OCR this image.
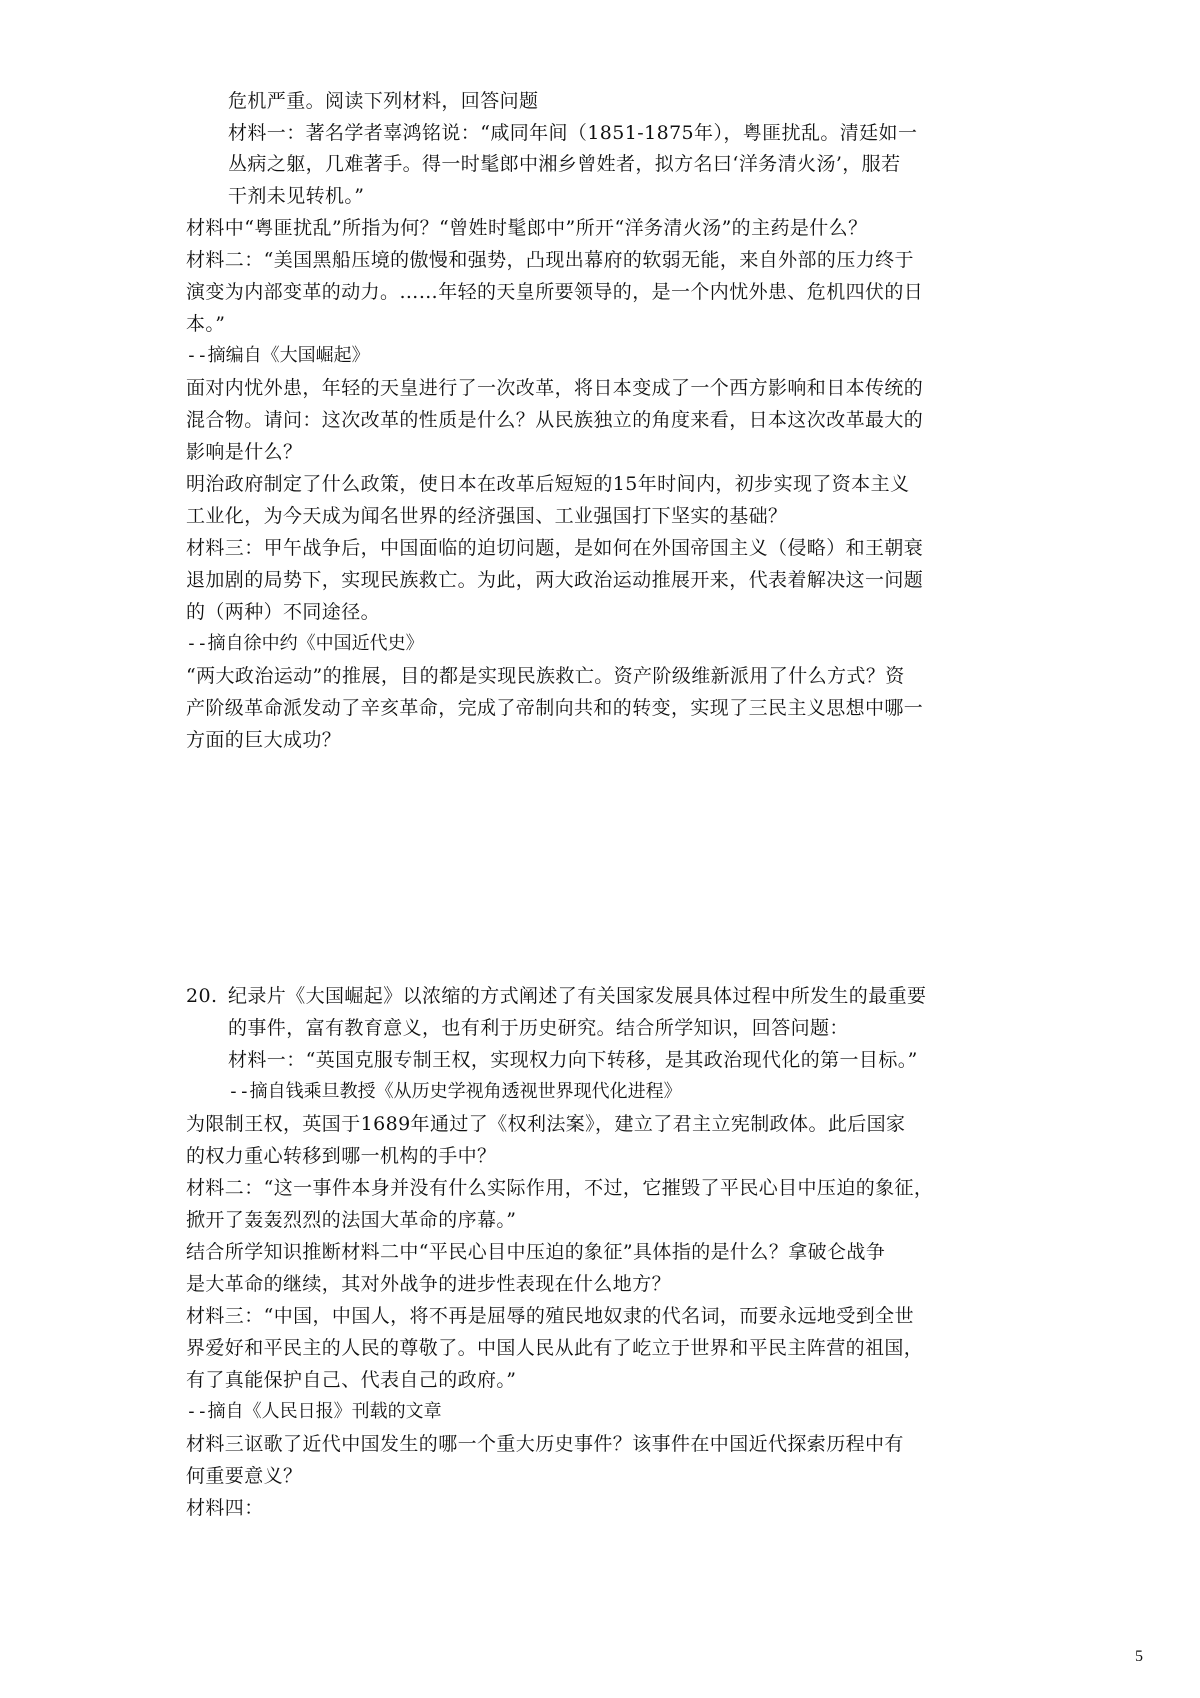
危机严重。阅读下列材料，回答问题
材料一：著名学者辜鸿铭说：“咸同年间（1851-1875年），粤匪扰乱。清廷如一
丛病之躯，几难著手。得一时髦郎中湘乡曾姓者，拟方名曰‘洋务清火汤’，服若
干剂未见转机。”
材料中“粤匪扰乱”所指为何？“曾姓时髦郎中”所开“洋务清火汤”的主药是什么？
材料二：“美国黑船压境的傲慢和强势，凸现出幕府的软弱无能，来自外部的压力终于
演变为内部变革的动力。……年轻的天皇所要领导的，是一个内忧外患、危机四伏的日
本。”
--摘编自《大国崛起》
面对内忧外患，年轻的天皇进行了一次改革，将日本变成了一个西方影响和日本传统的
混合物。请问：这次改革的性质是什么？从民族独立的角度来看，日本这次改革最大的
影响是什么？
明治政府制定了什么政策，使日本在改革后短短的15年时间内，初步实现了资本主义
工业化，为今天成为闻名世界的经济强国、工业强国打下坚实的基础？
材料三：甲午战争后，中国面临的迫切问题，是如何在外国帝国主义（侵略）和王朝衰
退加剧的局势下，实现民族救亡。为此，两大政治运动推展开来，代表着解决这一问题
的（两种）不同途径。
--摘自徐中约《中国近代史》
“两大政治运动”的推展，目的都是实现民族救亡。资产阶级维新派用了什么方式？资
产阶级革命派发动了辛亥革命，完成了帝制向共和的转变，实现了三民主义思想中哪一
方面的巨大成功？
20. 纪录片《大国崛起》以浓缩的方式阐述了有关国家发展具体过程中所发生的最重要
的事件，富有教育意义，也有利于历史研究。结合所学知识，回答问题：
材料一：“英国克服专制王权，实现权力向下转移，是其政治现代化的第一目标。”
--摘自钱乘旦教授《从历史学视角透视世界现代化进程》
为限制王权，英国于1689年通过了《权利法案》，建立了君主立宪制政体。此后国家
的权力重心转移到哪一机构的手中？
材料二：“这一事件本身并没有什么实际作用，不过，它摧毁了平民心目中压迫的象征，
掀开了轰轰烈烈的法国大革命的序幕。”
结合所学知识推断材料二中“平民心目中压迫的象征”具体指的是什么？拿破仑战争
是大革命的继续，其对外战争的进步性表现在什么地方？
材料三：“中国，中国人，将不再是屈辱的殖民地奴隶的代名词，而要永远地受到全世
界爱好和平民主的人民的尊敬了。中国人民从此有了屹立于世界和平民主阵营的祖国，
有了真能保护自己、代表自己的政府。”
--摘自《人民日报》刊载的文章
材料三讴歌了近代中国发生的哪一个重大历史事件？该事件在中国近代探索历程中有
何重要意义？
材料四：
5
